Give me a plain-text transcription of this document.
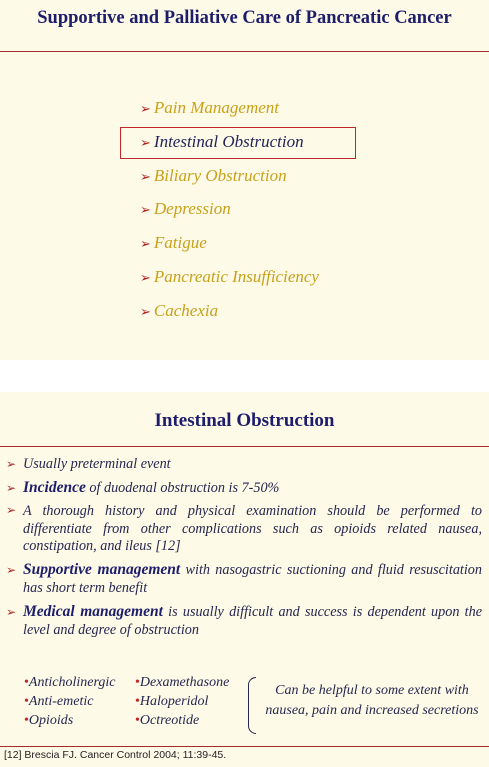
Supportive and Palliative Care of Pancreatic Cancer
➢ Pain Management
➢ Intestinal Obstruction
➢ Biliary Obstruction
➢ Depression
➢ Fatigue
➢ Pancreatic Insufficiency
➢ Cachexia
Intestinal Obstruction
➢ Usually preterminal event
➢ Incidence of duodenal obstruction is 7-50%
➢ A thorough history and physical examination should be performed to differentiate from other complications such as opioids related nausea, constipation, and ileus [12]
➢ Supportive management with nasogastric suctioning and fluid resuscitation has short term benefit
➢ Medical management is usually difficult and success is dependent upon the level and degree of obstruction
•Anticholinergic
•Anti-emetic
•Opioids
•Dexamethasone
•Haloperidol
•Octreotide
Can be helpful to some extent with nausea, pain and increased secretions
[12] Brescia FJ. Cancer Control 2004; 11:39-45.
